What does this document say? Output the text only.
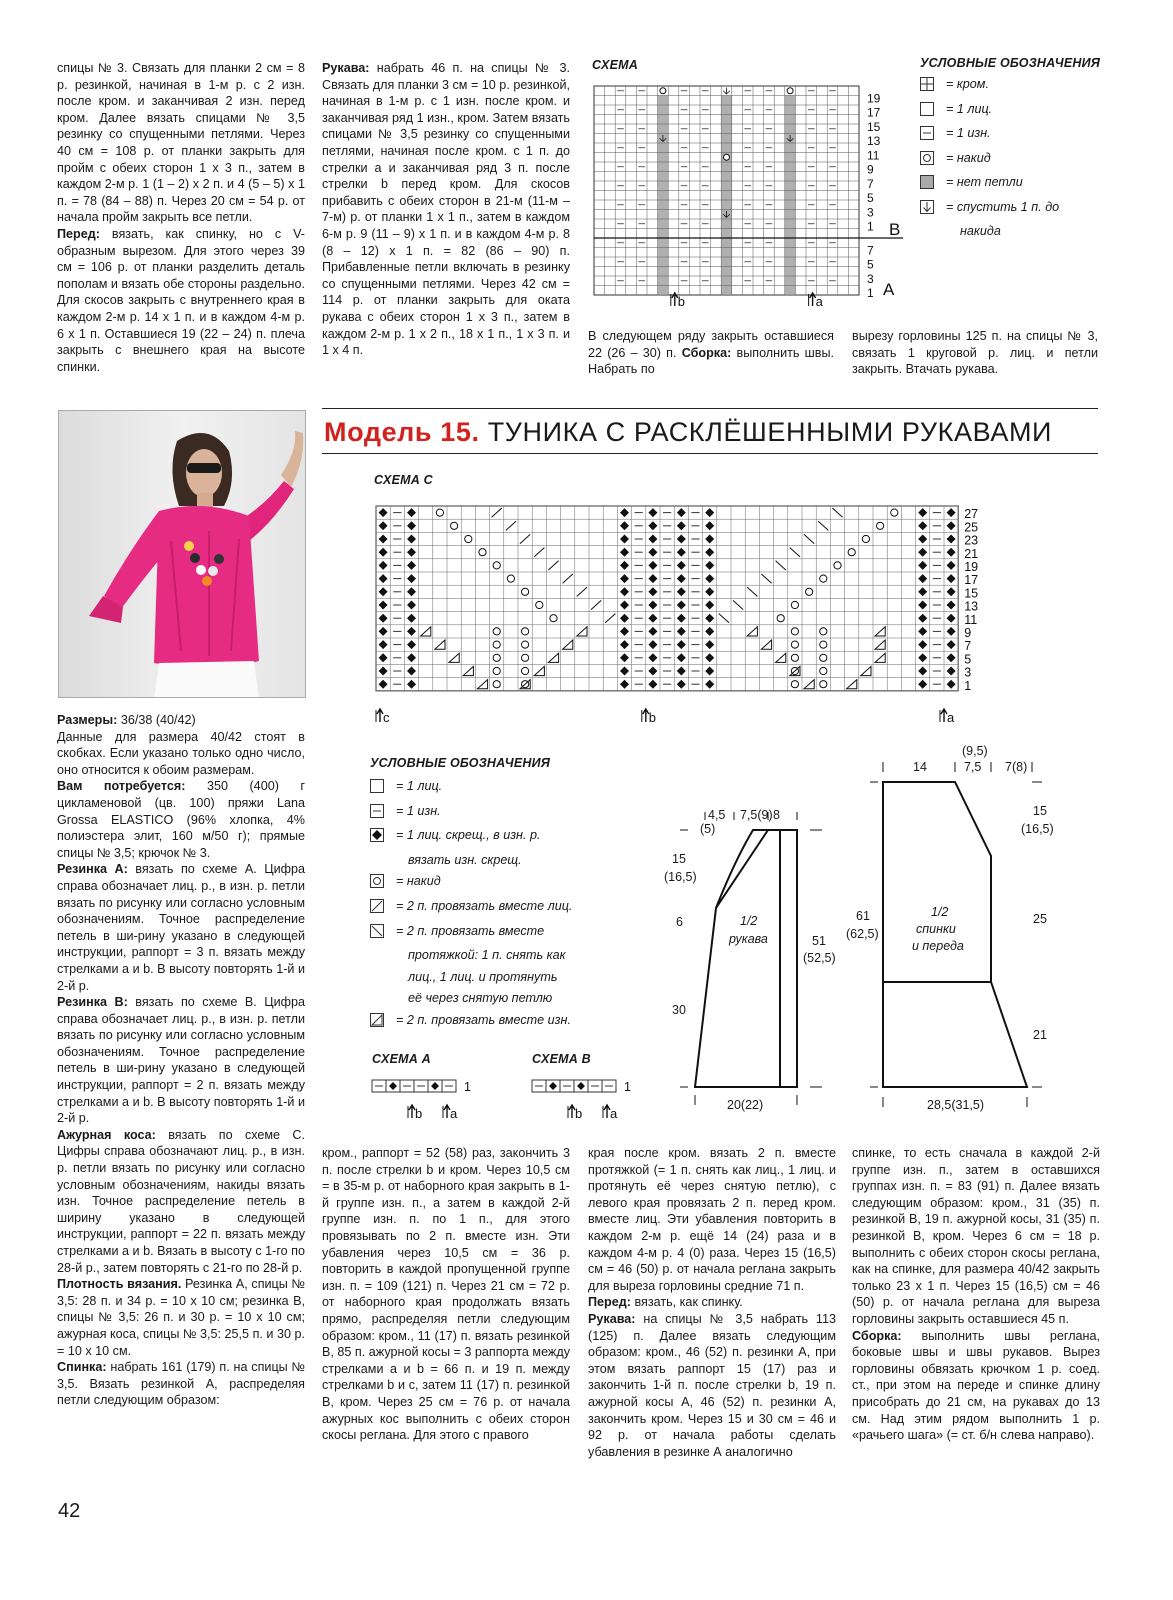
спицы № 3. Связать для планки 2 см = 8 р. резинкой, начиная в 1-м р. с 2 изн. после кром. и заканчивая 2 изн. перед кром. Далее вязать спицами № 3,5 резинку со спущенными петлями. Через 40 см = 108 р. от планки закрыть для пройм с обеих сторон 1 х 3 п., затем в каждом 2-м р. 1 (1 – 2) х 2 п. и 4 (5 – 5) х 1 п. = 78 (84 – 88) п. Через 20 см = 54 р. от начала пройм закрыть все петли.

Перед: вязать, как спинку, но с V-образным вырезом. Для этого через 39 см = 106 р. от планки разделить деталь пополам и вязать обе стороны раздельно. Для скосов закрыть с внутреннего края в каждом 2-м р. 14 х 1 п. и в каждом 4-м р. 6 х 1 п. Оставшиеся 19 (22 – 24) п. плеча закрыть с внешнего края на высоте спинки.

Рукава: набрать 46 п. на спицы № 3. Связать для планки 3 см = 10 р. резинкой, начиная в 1-м р. с 1 изн. после кром. и заканчивая ряд 1 изн., кром. Затем вязать спицами № 3,5 резинку со спущенными петлями, начиная после кром. с 1 п. до стрелки а и заканчивая ряд 3 п. после стрелки b перед кром. Для скосов прибавить с обеих сторон в 21-м (11-м – 7-м) р. от планки 1 х 1 п., затем в каждом 6-м р. 9 (11 – 9) х 1 п. и в каждом 4-м р. 8 (8 – 12) х 1 п. = 82 (86 – 90) п. Прибавленные петли включать в резинку со спущенными петлями. Через 42 см = 114 р. от планки закрыть для оката рукава с обеих сторон 1 х 3 п., затем в каждом 2-м р. 1 х 2 п., 18 х 1 п., 1 х 3 п. и 1 х 4 п.

СХЕМА
19
17
15
13
11
9
7
5
3
1
7
5
3
1
B
A
b	a

В следующем ряду закрыть оставшиеся 22 (26 – 30) п. Сборка: выполнить швы. Набрать по

вырезу горловины 125 п. на спицы № 3, связать 1 круговой р. лиц. и петли закрыть. Втачать рукава.

УСЛОВНЫЕ ОБОЗНАЧЕНИЯ
= кром.
= 1 лиц.
= 1 изн.
= накид
= нет петли
= спустить 1 п. до
накида
Модель 15. ТУНИКА С РАСКЛЁШЕННЫМИ РУКАВАМИ
СХЕМА С
27
25
23
21
19
17
15
13
11
9
7
5
3
1
c	b	a
УСЛОВНЫЕ ОБОЗНАЧЕНИЯ
= 1 лиц.
= 1 изн.
= 1 лиц. скрещ., в изн. р.
вязать изн. скрещ.
= накид
= 2 п. провязать вместе лиц.
= 2 п. провязать вместе
протяжкой: 1 п. снять как
лиц., 1 лиц. и протянуть
её через снятую петлю
= 2 п. провязать вместе изн.
СХЕМА A
1
b a
СХЕМА B
1
b a
4,5
(5)
7,5(9) 8
15
(16,5)
6
30
51
(52,5)
1/2
рукава
20(22)
(9,5)
14	7,5 7(8)
15
(16,5)
25
21
61
(62,5)
1/2
спинки
и переда
28,5(31,5)

Размеры: 36/38 (40/42)

Данные для размера 40/42 стоят в скобках. Если указано только одно число, оно относится к обоим размерам.

Вам потребуется: 350 (400) г цикламеновой (цв. 100) пряжи Lana Grossa ELASTICO (96% хлопка, 4% полиэстера элит, 160 м/50 г); прямые спицы № 3,5; крючок № 3.

Резинка А: вязать по схеме А. Цифра справа обозначает лиц. р., в изн. р. петли вязать по рисунку или согласно условным обозначениям. Точное распределение петель в ши-рину указано в следующей инструкции, раппорт = 3 п. вязать между стрелками а и b. В высоту повторять 1-й и 2-й р.

Резинка В: вязать по схеме В. Цифра справа обозначает лиц. р., в изн. р. петли вязать по рисунку или согласно условным обозначениям. Точное распределение петель в ши-рину указано в следующей инструкции, раппорт = 2 п. вязать между стрелками а и b. В высоту повторять 1-й и 2-й р.

Ажурная коса: вязать по схеме С. Цифры справа обозначают лиц. р., в изн. р. петли вязать по рисунку или согласно условным обозначениям, накиды вязать изн. Точное распределение петель в ширину указано в следующей инструкции, раппорт = 22 п. вязать между стрелками а и b. Вязать в высоту с 1-го по 28-й р., затем повторять с 21-го по 28-й р.

Плотность вязания. Резинка А, спицы № 3,5: 28 п. и 34 р. = 10 х 10 см; резинка В, спицы № 3,5: 26 п. и 30 р. = 10 х 10 см; ажурная коса, спицы № 3,5: 25,5 п. и 30 р. = 10 х 10 см.

Спинка: набрать 161 (179) п. на спицы № 3,5. Вязать резинкой А, распределяя петли следующим образом:

кром., раппорт = 52 (58) раз, закончить 3 п. после стрелки b и кром. Через 10,5 см = в 35-м р. от наборного края закрыть в 1-й группе изн. п., а затем в каждой 2-й группе изн. п. по 1 п., для этого провязывать по 2 п. вместе изн. Эти убавления через 10,5 см = 36 р. повторить в каждой пропущенной группе изн. п. = 109 (121) п. Через 21 см = 72 р. от наборного края продолжать вязать прямо, распределяя петли следующим образом: кром., 11 (17) п. вязать резинкой В, 85 п. ажурной косы = 3 раппорта между стрелками а и b = 66 п. и 19 п. между стрелками b и c, затем 11 (17) п. резинкой В, кром. Через 25 см = 76 р. от начала ажурных кос выполнить с обеих сторон скосы реглана. Для этого с правого

края после кром. вязать 2 п. вместе протяжкой (= 1 п. снять как лиц., 1 лиц. и протянуть её через снятую петлю), с левого края провязать 2 п. перед кром. вместе лиц. Эти убавления повторить в каждом 2-м р. ещё 14 (24) раза и в каждом 4-м р. 4 (0) раза. Через 15 (16,5) см = 46 (50) р. от начала реглана закрыть для выреза горловины средние 71 п.

Перед: вязать, как спинку.

Рукава: на спицы № 3,5 набрать 113 (125) п. Далее вязать следующим образом: кром., 46 (52) п. резинки А, при этом вязать раппорт 15 (17) раз и закончить 1-й п. после стрелки b, 19 п. ажурной косы А, 46 (52) п. резинки А, закончить кром. Через 15 и 30 см = 46 и 92 р. от начала работы сделать убавления в резинке А аналогично

спинке, то есть сначала в каждой 2-й группе изн. п., затем в оставшихся группах изн. п. = 83 (91) п. Далее вязать следующим образом: кром., 31 (35) п. резинкой В, 19 п. ажурной косы, 31 (35) п. резинкой В, кром. Через 6 см = 18 р. выполнить с обеих сторон скосы реглана, как на спинке, для размера 40/42 закрыть только 23 х 1 п. Через 15 (16,5) см = 46 (50) р. от начала реглана для выреза горловины закрыть оставшиеся 45 п.

Сборка: выполнить швы реглана, боковые швы и швы рукавов. Вырез горловины обвязать крючком 1 р. соед. ст., при этом на переде и спинке длину присобрать до 21 см, на рукавах до 13 см. Над этим рядом выполнить 1 р. «рачьего шага» (= ст. б/н слева направо).

42
